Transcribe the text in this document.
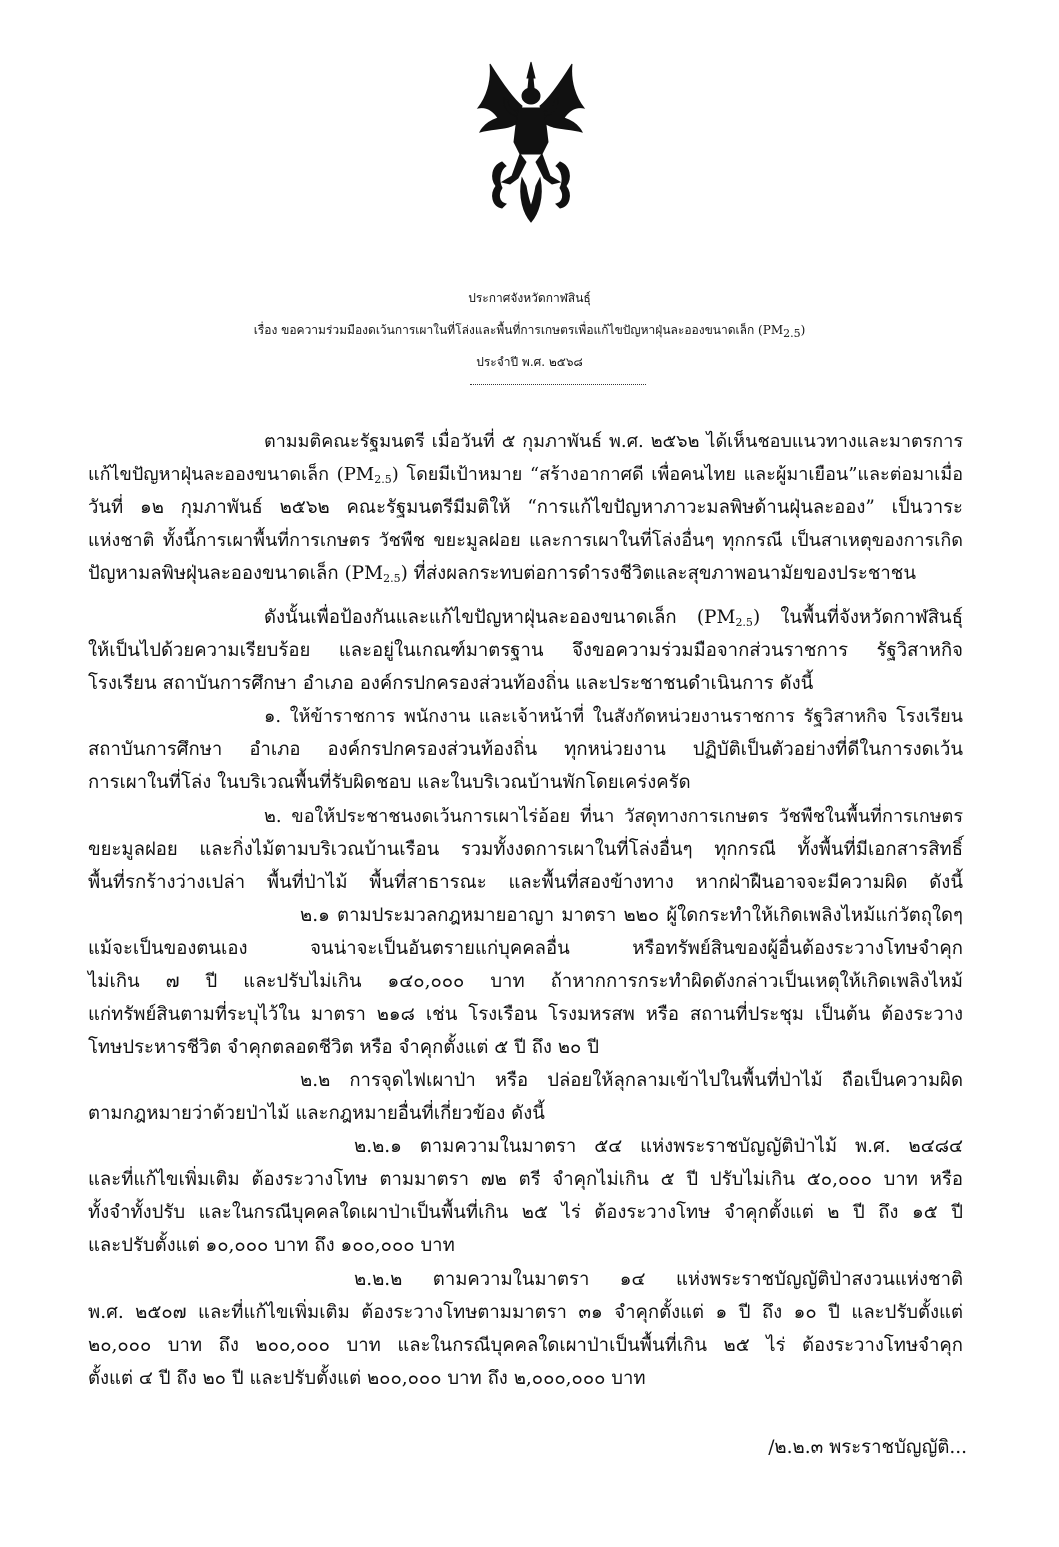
ประกาศจังหวัดกาฬสินธุ์
เรื่อง ขอความร่วมมืองดเว้นการเผาในที่โล่งและพื้นที่การเกษตรเพื่อแก้ไขปัญหาฝุ่นละอองขนาดเล็ก $(PM_{2.5})$
ประจำปี พ.ศ. ๒๕๖๘
ตามมติคณะรัฐมนตรี เมื่อวันที่ ๕ กุมภาพันธ์ พ.ศ. ๒๕๖๒ ได้เห็นชอบแนวทางและมาตรการ
แก้ไขปัญหาฝุ่นละอองขนาดเล็ก $(PM_{2.5})$ โดยมีเป้าหมาย “สร้างอากาศดี เพื่อคนไทย และผู้มาเยือน”และต่อมาเมื่อ
วันที่ ๑๒ กุมภาพันธ์ ๒๕๖๒ คณะรัฐมนตรีมีมติให้ “การแก้ไขปัญหาภาวะมลพิษด้านฝุ่นละออง” เป็นวาระ
แห่งชาติ ทั้งนี้การเผาพื้นที่การเกษตร วัชพืช ขยะมูลฝอย และการเผาในที่โล่งอื่นๆ ทุกกรณี เป็นสาเหตุของการเกิด
ปัญหามลพิษฝุ่นละอองขนาดเล็ก $(PM_{2.5})$ ที่ส่งผลกระทบต่อการดำรงชีวิตและสุขภาพอนามัยของประชาชน
ดังนั้นเพื่อป้องกันและแก้ไขปัญหาฝุ่นละอองขนาดเล็ก $(PM_{2.5})$ ในพื้นที่จังหวัดกาฬสินธุ์
ให้เป็นไปด้วยความเรียบร้อย และอยู่ในเกณฑ์มาตรฐาน จึงขอความร่วมมือจากส่วนราชการ รัฐวิสาหกิจ
โรงเรียน สถาบันการศึกษา อำเภอ องค์กรปกครองส่วนท้องถิ่น และประชาชนดำเนินการ ดังนี้
๑. ให้ข้าราชการ พนักงาน และเจ้าหน้าที่ ในสังกัดหน่วยงานราชการ รัฐวิสาหกิจ โรงเรียน
สถาบันการศึกษา อำเภอ องค์กรปกครองส่วนท้องถิ่น ทุกหน่วยงาน ปฏิบัติเป็นตัวอย่างที่ดีในการงดเว้น
การเผาในที่โล่ง ในบริเวณพื้นที่รับผิดชอบ และในบริเวณบ้านพักโดยเคร่งครัด
๒. ขอให้ประชาชนงดเว้นการเผาไร่อ้อย ที่นา วัสดุทางการเกษตร วัชพืชในพื้นที่การเกษตร
ขยะมูลฝอย และกิ่งไม้ตามบริเวณบ้านเรือน รวมทั้งงดการเผาในที่โล่งอื่นๆ ทุกกรณี ทั้งพื้นที่มีเอกสารสิทธิ์
พื้นที่รกร้างว่างเปล่า พื้นที่ป่าไม้ พื้นที่สาธารณะ และพื้นที่สองข้างทาง หากฝ่าฝืนอาจจะมีความผิด ดังนี้
๒.๑ ตามประมวลกฎหมายอาญา มาตรา ๒๒๐ ผู้ใดกระทำให้เกิดเพลิงไหม้แก่วัตถุใดๆ
แม้จะเป็นของตนเอง จนน่าจะเป็นอันตรายแก่บุคคลอื่น หรือทรัพย์สินของผู้อื่นต้องระวางโทษจำคุก
ไม่เกิน ๗ ปี และปรับไม่เกิน ๑๔๐,๐๐๐ บาท ถ้าหากการกระทำผิดดังกล่าวเป็นเหตุให้เกิดเพลิงไหม้
แก่ทรัพย์สินตามที่ระบุไว้ใน มาตรา ๒๑๘ เช่น โรงเรือน โรงมหรสพ หรือ สถานที่ประชุม เป็นต้น ต้องระวาง
โทษประหารชีวิต จำคุกตลอดชีวิต หรือ จำคุกตั้งแต่ ๕ ปี ถึง ๒๐ ปี
๒.๒ การจุดไฟเผาป่า หรือ ปล่อยให้ลุกลามเข้าไปในพื้นที่ป่าไม้ ถือเป็นความผิด
ตามกฎหมายว่าด้วยป่าไม้ และกฎหมายอื่นที่เกี่ยวข้อง ดังนี้
๒.๒.๑ ตามความในมาตรา ๕๔ แห่งพระราชบัญญัติป่าไม้ พ.ศ. ๒๔๘๔
และที่แก้ไขเพิ่มเติม ต้องระวางโทษ ตามมาตรา ๗๒ ตรี จำคุกไม่เกิน ๕ ปี ปรับไม่เกิน ๕๐,๐๐๐ บาท หรือ
ทั้งจำทั้งปรับ และในกรณีบุคคลใดเผาป่าเป็นพื้นที่เกิน ๒๕ ไร่ ต้องระวางโทษ จำคุกตั้งแต่ ๒ ปี ถึง ๑๕ ปี
และปรับตั้งแต่ ๑๐,๐๐๐ บาท ถึง ๑๐๐,๐๐๐ บาท
๒.๒.๒ ตามความในมาตรา ๑๔ แห่งพระราชบัญญัติป่าสงวนแห่งชาติ
พ.ศ. ๒๕๐๗ และที่แก้ไขเพิ่มเติม ต้องระวางโทษตามมาตรา ๓๑ จำคุกตั้งแต่ ๑ ปี ถึง ๑๐ ปี และปรับตั้งแต่
๒๐,๐๐๐ บาท ถึง ๒๐๐,๐๐๐ บาท และในกรณีบุคคลใดเผาป่าเป็นพื้นที่เกิน ๒๕ ไร่ ต้องระวางโทษจำคุก
ตั้งแต่ ๔ ปี ถึง ๒๐ ปี และปรับตั้งแต่ ๒๐๐,๐๐๐ บาท ถึง ๒,๐๐๐,๐๐๐ บาท
/๒.๒.๓ พระราชบัญญัติ...
